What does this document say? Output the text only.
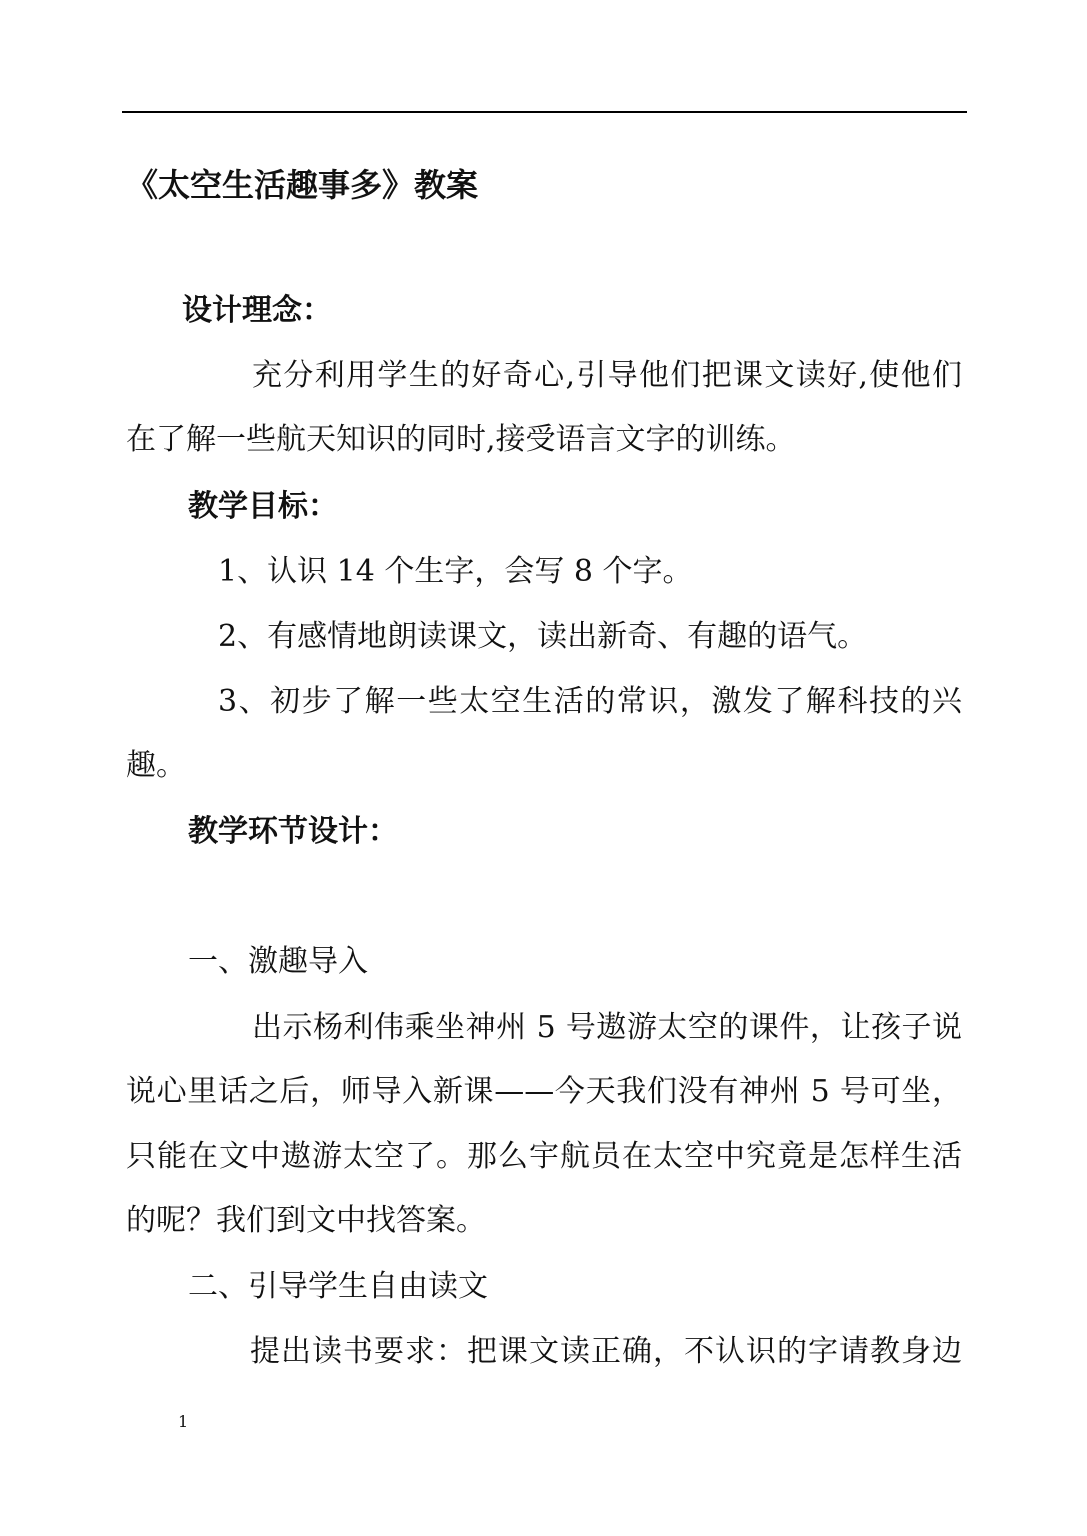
《太空生活趣事多》教案
设计理念：
充分利用学生的好奇心,引导他们把课文读好,使他们
在了解一些航天知识的同时,接受语言文字的训练。
教学目标：
1、认识 14 个生字，会写 8 个字。
2、有感情地朗读课文，读出新奇、有趣的语气。
3、初步了解一些太空生活的常识，激发了解科技的兴
趣。
教学环节设计：
一、激趣导入
出示杨利伟乘坐神州 5 号遨游太空的课件，让孩子说
说心里话之后，师导入新课——今天我们没有神州 5 号可坐，
只能在文中遨游太空了。那么宇航员在太空中究竟是怎样生活
的呢？我们到文中找答案。
二、引导学生自由读文
提出读书要求：把课文读正确，不认识的字请教身边
1
